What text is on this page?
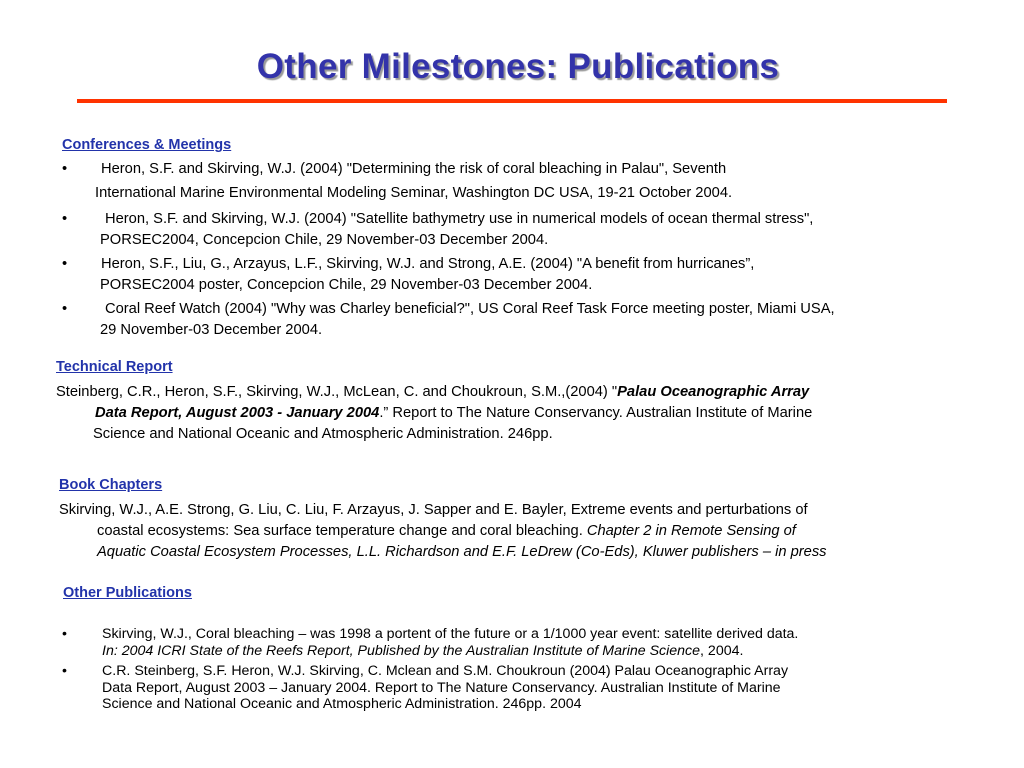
Other Milestones: Publications
Conferences & Meetings
• Heron, S.F. and Skirving, W.J. (2004) "Determining the risk of coral bleaching in Palau", Seventh
International Marine Environmental Modeling Seminar, Washington DC USA, 19-21 October 2004.
•	Heron, S.F. and Skirving, W.J. (2004) "Satellite bathymetry use in numerical models of ocean thermal stress",
PORSEC2004, Concepcion Chile, 29 November-03 December 2004.
• Heron, S.F., Liu, G., Arzayus, L.F., Skirving, W.J. and Strong, A.E. (2004) "A benefit from hurricanes”,
PORSEC2004 poster, Concepcion Chile, 29 November-03 December 2004.
•	Coral Reef Watch (2004) "Why was Charley beneficial?", US Coral Reef Task Force meeting poster, Miami USA,
29 November-03 December 2004.
Technical Report
Steinberg, C.R., Heron, S.F., Skirving, W.J., McLean, C. and Choukroun, S.M.,(2004) "Palau Oceanographic Array
Data Report, August 2003 - January 2004.” Report to The Nature Conservancy. Australian Institute of Marine
Science and National Oceanic and Atmospheric Administration. 246pp.
Book Chapters
Skirving, W.J., A.E. Strong, G. Liu, C. Liu, F. Arzayus, J. Sapper and E. Bayler, Extreme events and perturbations of
coastal ecosystems: Sea surface temperature change and coral bleaching. Chapter 2 in Remote Sensing of
Aquatic Coastal Ecosystem Processes, L.L. Richardson and E.F. LeDrew (Co-Eds), Kluwer publishers – in press
Other Publications
• Skirving, W.J., Coral bleaching – was 1998 a portent of the future or a 1/1000 year event: satellite derived data.
In: 2004 ICRI State of the Reefs Report, Published by the Australian Institute of Marine Science, 2004.
• C.R. Steinberg, S.F. Heron, W.J. Skirving, C. Mclean and S.M. Choukroun (2004) Palau Oceanographic Array
Data Report, August 2003 – January 2004. Report to The Nature Conservancy. Australian Institute of Marine
Science and National Oceanic and Atmospheric Administration. 246pp. 2004
